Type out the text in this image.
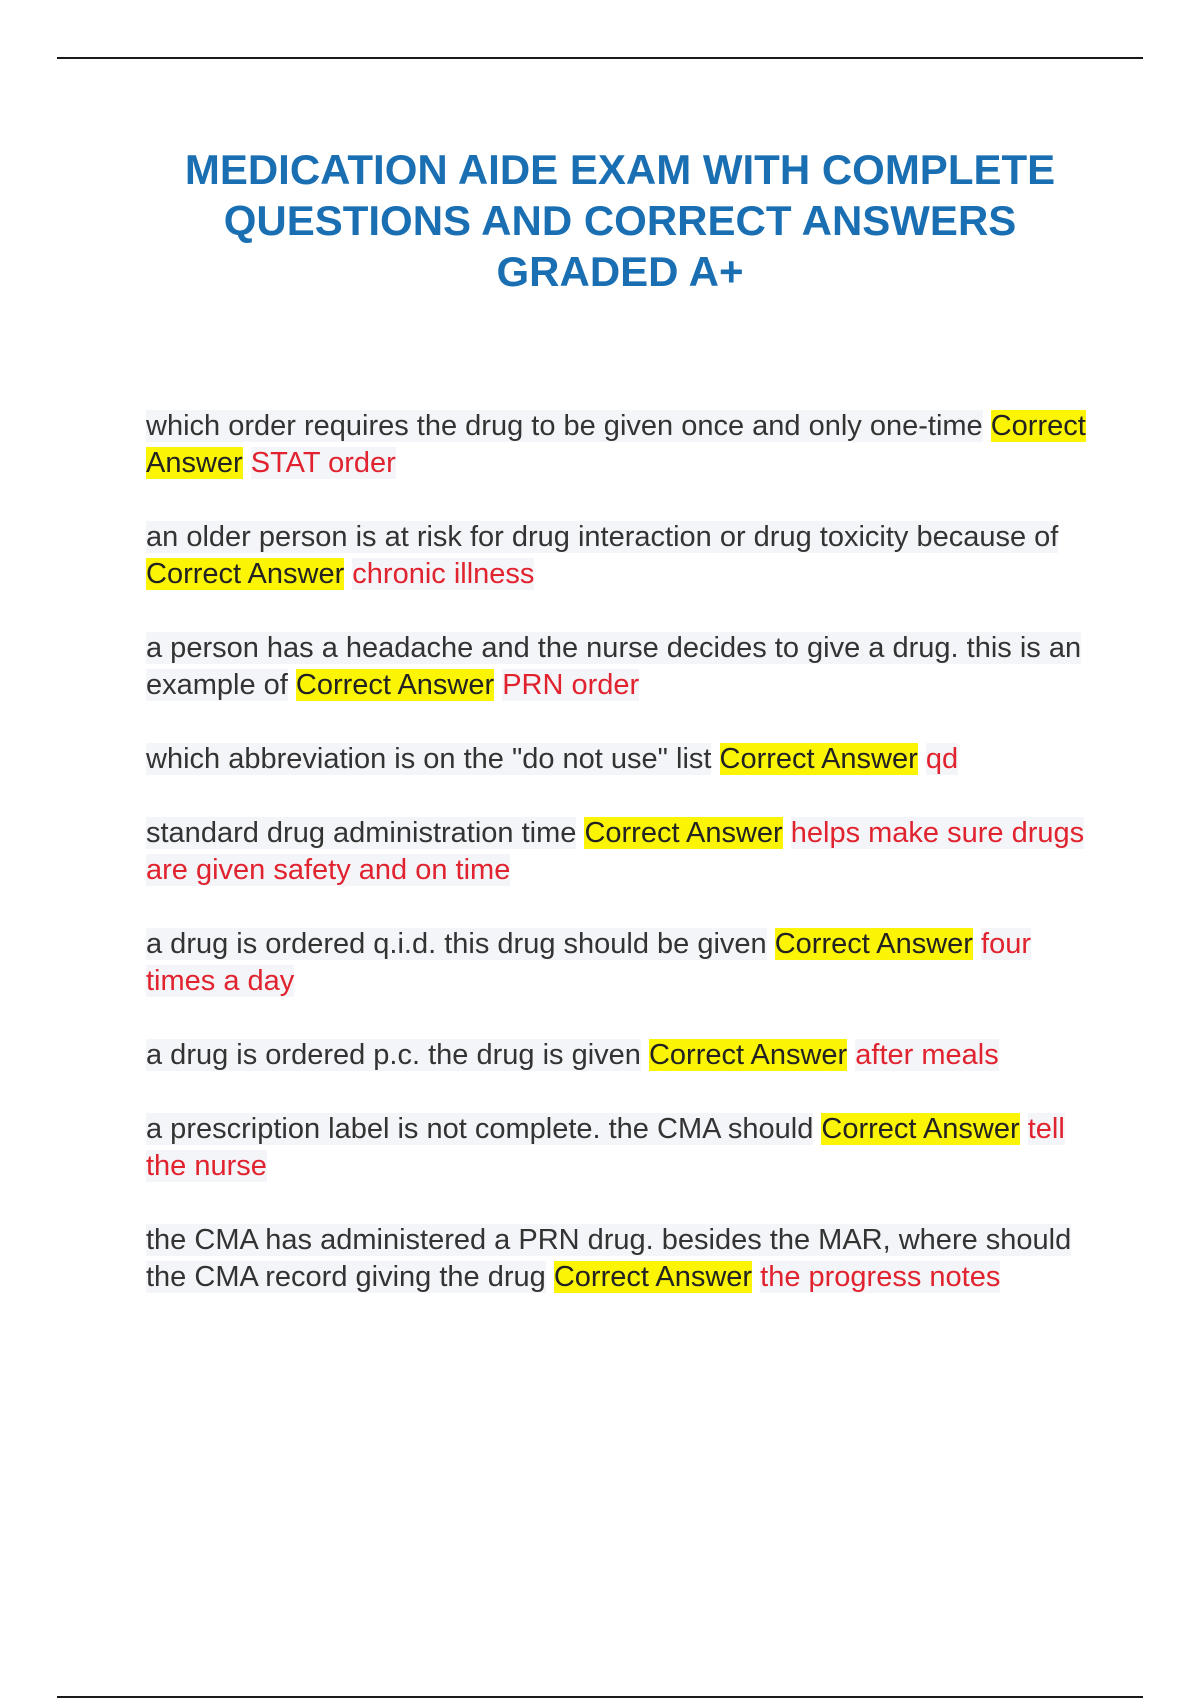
MEDICATION AIDE EXAM WITH COMPLETE
QUESTIONS AND CORRECT ANSWERS
GRADED A+
which order requires the drug to be given once and only one-time Correct Answer STAT order
an older person is at risk for drug interaction or drug toxicity because of Correct Answer chronic illness
a person has a headache and the nurse decides to give a drug. this is an example of Correct Answer PRN order
which abbreviation is on the "do not use" list Correct Answer qd
standard drug administration time Correct Answer helps make sure drugs are given safety and on time
a drug is ordered q.i.d. this drug should be given Correct Answer four times a day
a drug is ordered p.c. the drug is given Correct Answer after meals
a prescription label is not complete. the CMA should Correct Answer tell the nurse
the CMA has administered a PRN drug. besides the MAR, where should the CMA record giving the drug Correct Answer the progress notes
